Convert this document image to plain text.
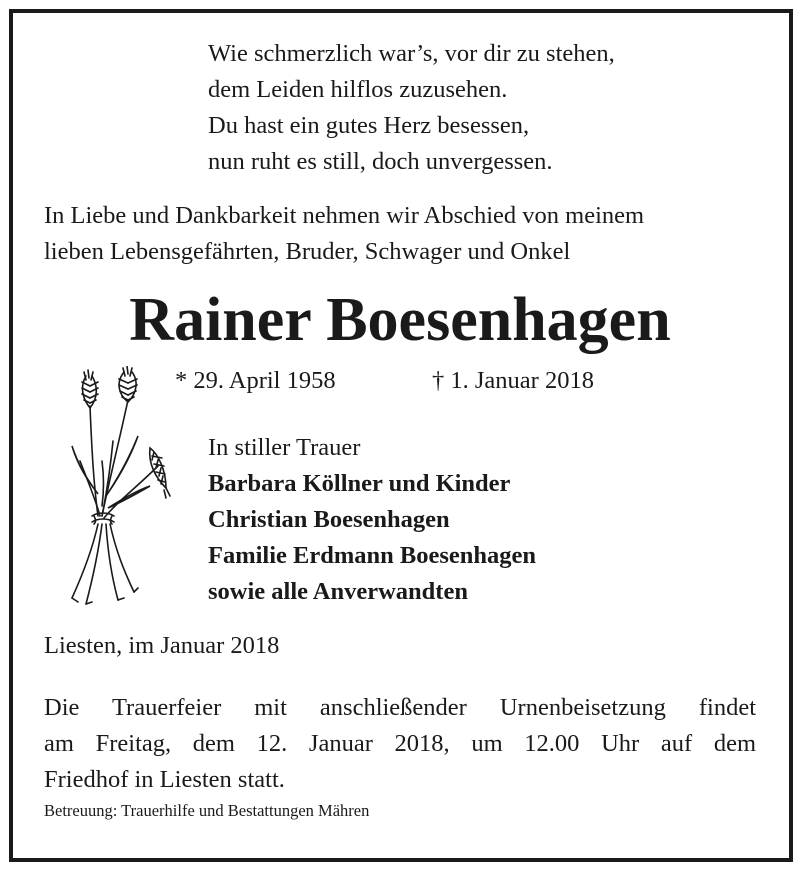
Wie schmerzlich war’s, vor dir zu stehen,
dem Leiden hilflos zuzusehen.
Du hast ein gutes Herz besessen,
nun ruht es still, doch unvergessen.
In Liebe und Dankbarkeit nehmen wir Abschied von meinem
lieben Lebensgefährten, Bruder, Schwager und Onkel
Rainer Boesenhagen
* 29. April 1958	† 1. Januar 2018
In stiller Trauer
Barbara Köllner und Kinder
Christian Boesenhagen
Familie Erdmann Boesenhagen
sowie alle Anverwandten
Liesten, im Januar 2018
Die Trauerfeier mit anschließender Urnenbeisetzung findet
am Freitag, dem 12. Januar 2018, um 12.00 Uhr auf dem
Friedhof in Liesten statt.
Betreuung: Trauerhilfe und Bestattungen Mähren
